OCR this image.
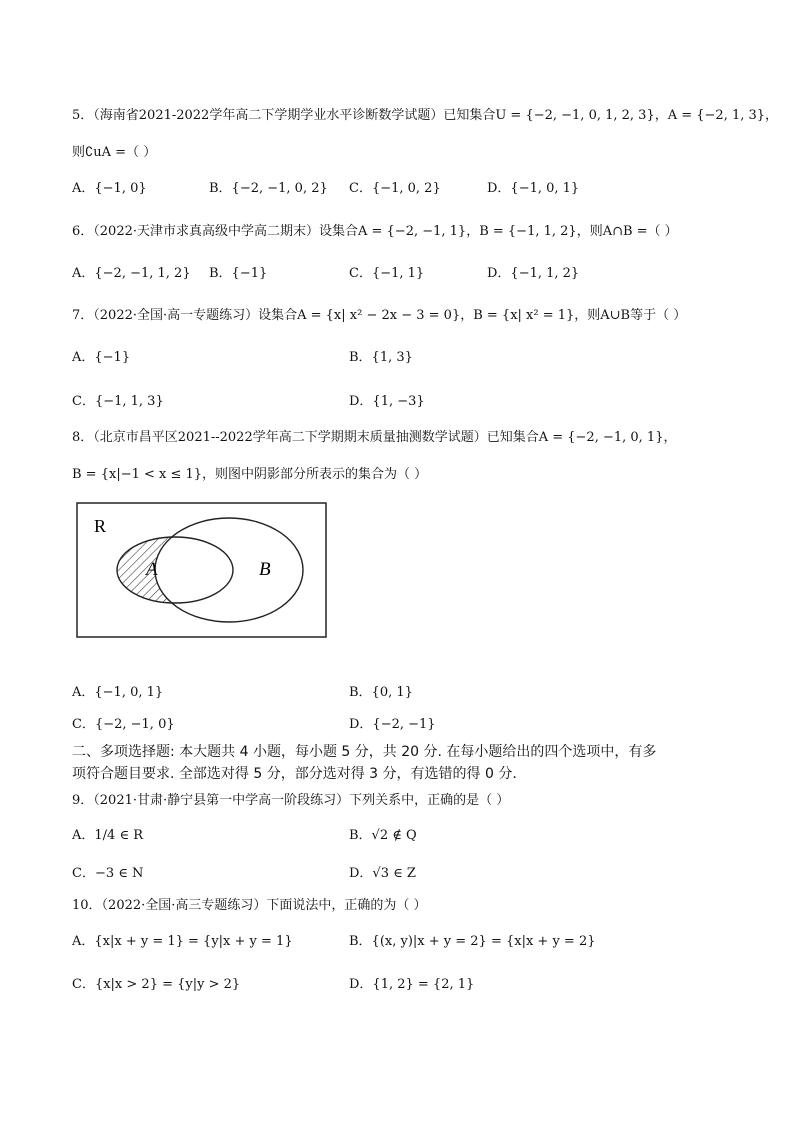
5．（海南省2021-2022学年高二下学期学业水平诊断数学试题）已知集合U = {−2, −1, 0, 1, 2, 3}，A = {−2, 1, 3}，
则∁uA =（ ）
A．{−1, 0}	B．{−2, −1, 0, 2} C．{−1, 0, 2}	D．{−1, 0, 1}
6．（2022·天津市求真高级中学高二期末）设集合A = {−2, −1, 1}，B = {−1, 1, 2}，则A∩B =（ ）
A．{−2, −1, 1, 2} B．{−1}	C．{−1, 1}	D．{−1, 1, 2}
7．（2022·全国·高一专题练习）设集合A = {x| x² − 2x − 3 = 0}，B = {x| x² = 1}，则A∪B等于（ ）
A．{−1}	B．{1, 3}
C．{−1, 1, 3}	D．{1, −3}
8．（北京市昌平区2021--2022学年高二下学期期末质量抽测数学试题）已知集合A = {−2, −1, 0, 1}，
B = {x|−1 < x ≤ 1}，则图中阴影部分所表示的集合为（ ）
R
A	B
A．{−1, 0, 1}	B．{0, 1}
C．{−2, −1, 0}	D．{−2, −1}
二、多项选择题: 本大题共 4 小题，每小题 5 分，共 20 分. 在每小题给出的四个选项中，有多
项符合题目要求. 全部选对得 5 分，部分选对得 3 分，有选错的得 0 分.
9．（2021·甘肃·静宁县第一中学高一阶段练习）下列关系中，正确的是（ ）
A．1/4 ∈ R	B．√2 ∉ Q
C．−3 ∈ N	D．√3 ∈ Z
10．（2022·全国·高三专题练习）下面说法中，正确的为（ ）
A．{x|x + y = 1} = {y|x + y = 1}	B．{(x, y)|x + y = 2} = {x|x + y = 2}
C．{x|x > 2} = {y|y > 2}	D．{1, 2} = {2, 1}
